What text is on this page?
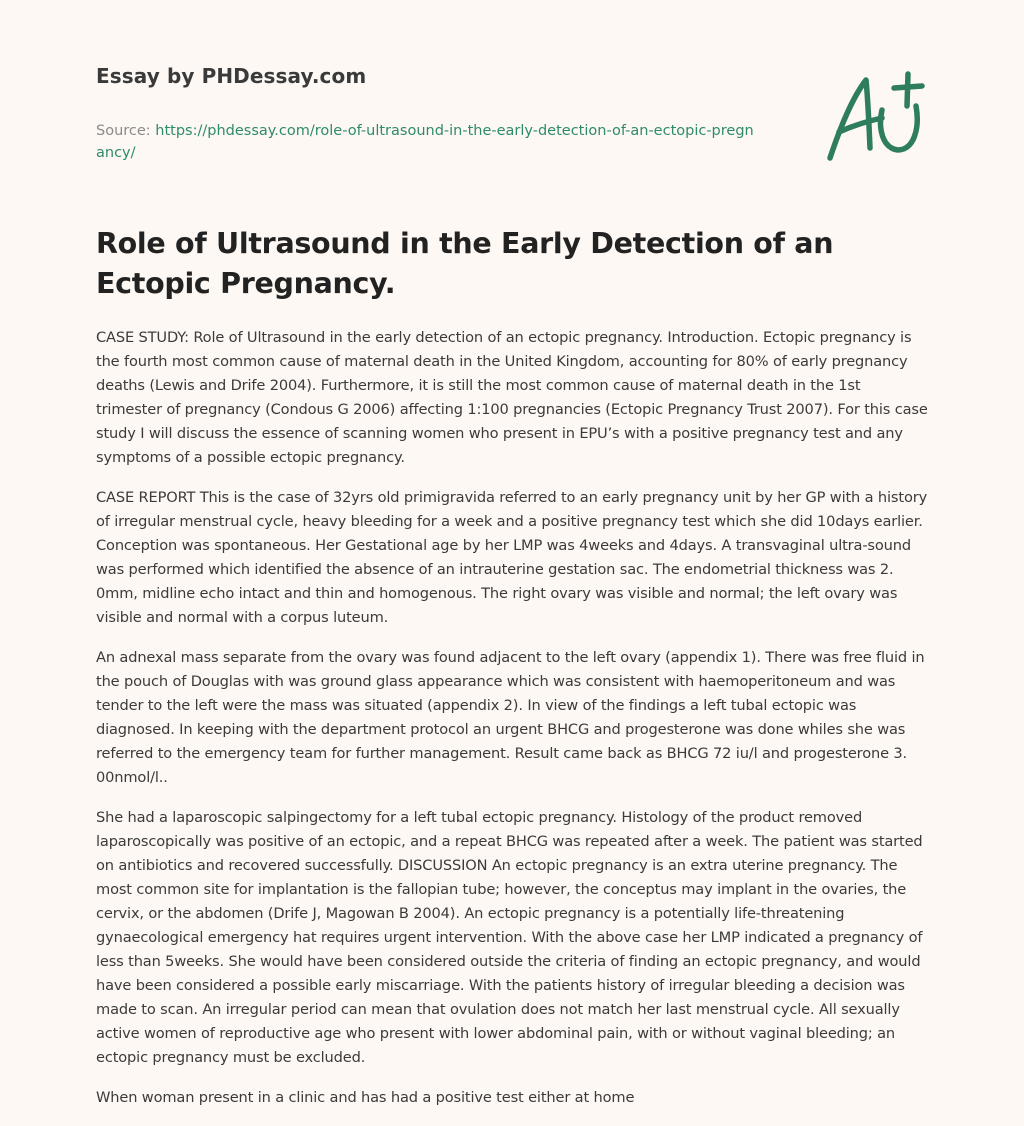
Essay by PHDessay.com
Source: https://phdessay.com/role-of-ultrasound-in-the-early-detection-of-an-ectopic-pregnancy/
Role of Ultrasound in the Early Detection of an Ectopic Pregnancy.

CASE STUDY: Role of Ultrasound in the early detection of an ectopic pregnancy. Introduction. Ectopic pregnancy is the fourth most common cause of maternal death in the United Kingdom, accounting for 80% of early pregnancy deaths (Lewis and Drife 2004). Furthermore, it is still the most common cause of maternal death in the 1st trimester of pregnancy (Condous G 2006) affecting 1:100 pregnancies (Ectopic Pregnancy Trust 2007). For this case study I will discuss the essence of scanning women who present in EPU’s with a positive pregnancy test and any symptoms of a possible ectopic pregnancy.

CASE REPORT This is the case of 32yrs old primigravida referred to an early pregnancy unit by her GP with a history of irregular menstrual cycle, heavy bleeding for a week and a positive pregnancy test which she did 10days earlier. Conception was spontaneous. Her Gestational age by her LMP was 4weeks and 4days. A transvaginal ultra-sound was performed which identified the absence of an intrauterine gestation sac. The endometrial thickness was 2. 0mm, midline echo intact and thin and homogenous. The right ovary was visible and normal; the left ovary was visible and normal with a corpus luteum.

An adnexal mass separate from the ovary was found adjacent to the left ovary (appendix 1). There was free fluid in the pouch of Douglas with was ground glass appearance which was consistent with haemoperitoneum and was tender to the left were the mass was situated (appendix 2). In view of the findings a left tubal ectopic was diagnosed. In keeping with the department protocol an urgent BHCG and progesterone was done whiles she was referred to the emergency team for further management. Result came back as BHCG 72 iu/l and progesterone 3. 00nmol/l..

She had a laparoscopic salpingectomy for a left tubal ectopic pregnancy. Histology of the product removed laparoscopically was positive of an ectopic, and a repeat BHCG was repeated after a week. The patient was started on antibiotics and recovered successfully. DISCUSSION An ectopic pregnancy is an extra uterine pregnancy. The most common site for implantation is the fallopian tube; however, the conceptus may implant in the ovaries, the cervix, or the abdomen (Drife J, Magowan B 2004). An ectopic pregnancy is a potentially life-threatening gynaecological emergency hat requires urgent intervention. With the above case her LMP indicated a pregnancy of less than 5weeks. She would have been considered outside the criteria of finding an ectopic pregnancy, and would have been considered a possible early miscarriage. With the patients history of irregular bleeding a decision was made to scan. An irregular period can mean that ovulation does not match her last menstrual cycle. All sexually active women of reproductive age who present with lower abdominal pain, with or without vaginal bleeding; an ectopic pregnancy must be excluded.

When woman present in a clinic and has had a positive test either at home
